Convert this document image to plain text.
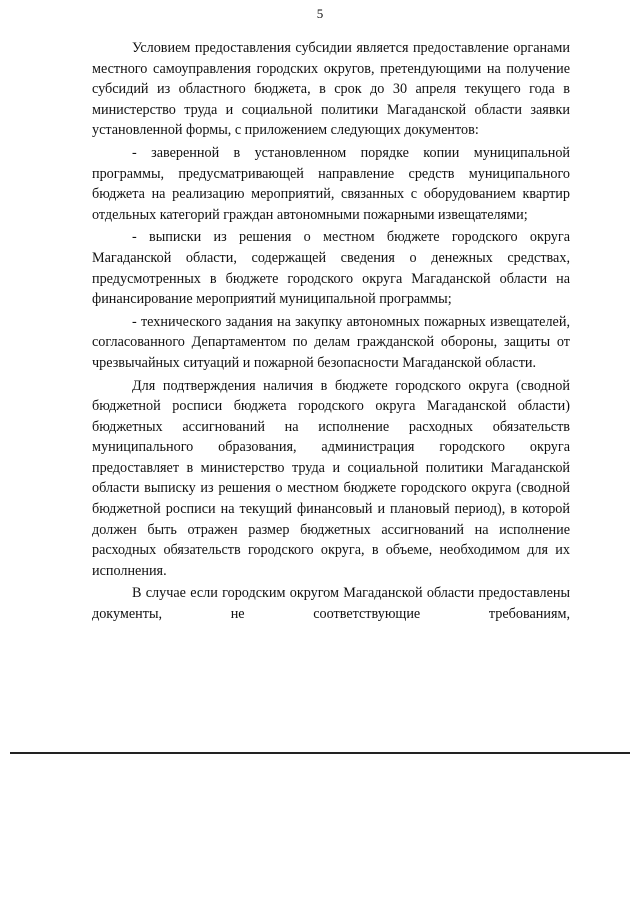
5

Условием предоставления субсидии является предоставление органами местного самоуправления городских округов, претендующими на получение субсидий из областного бюджета, в срок до 30 апреля текущего года в министерство труда и социальной политики Магаданской области заявки установленной формы, с приложением следующих документов:

- заверенной в установленном порядке копии муниципальной программы, предусматривающей направление средств муниципального бюджета на реализацию мероприятий, связанных с оборудованием квартир отдельных категорий граждан автономными пожарными извещателями;

- выписки из решения о местном бюджете городского округа Магаданской области, содержащей сведения о денежных средствах, предусмотренных в бюджете городского округа Магаданской области на финансирование мероприятий муниципальной программы;

- технического задания на закупку автономных пожарных извещателей, согласованного Департаментом по делам гражданской обороны, защиты от чрезвычайных ситуаций и пожарной безопасности Магаданской области.

Для подтверждения наличия в бюджете городского округа (сводной бюджетной росписи бюджета городского округа Магаданской области) бюджетных ассигнований на исполнение расходных обязательств муниципального образования, администрация городского округа предоставляет в министерство труда и социальной политики Магаданской области выписку из решения о местном бюджете городского округа (сводной бюджетной росписи на текущий финансовый и плановый период), в которой должен быть отражен размер бюджетных ассигнований на исполнение расходных обязательств городского округа, в объеме, необходимом для их исполнения.

В случае если городским округом Магаданской области предоставлены документы, не соответствующие требованиям,
